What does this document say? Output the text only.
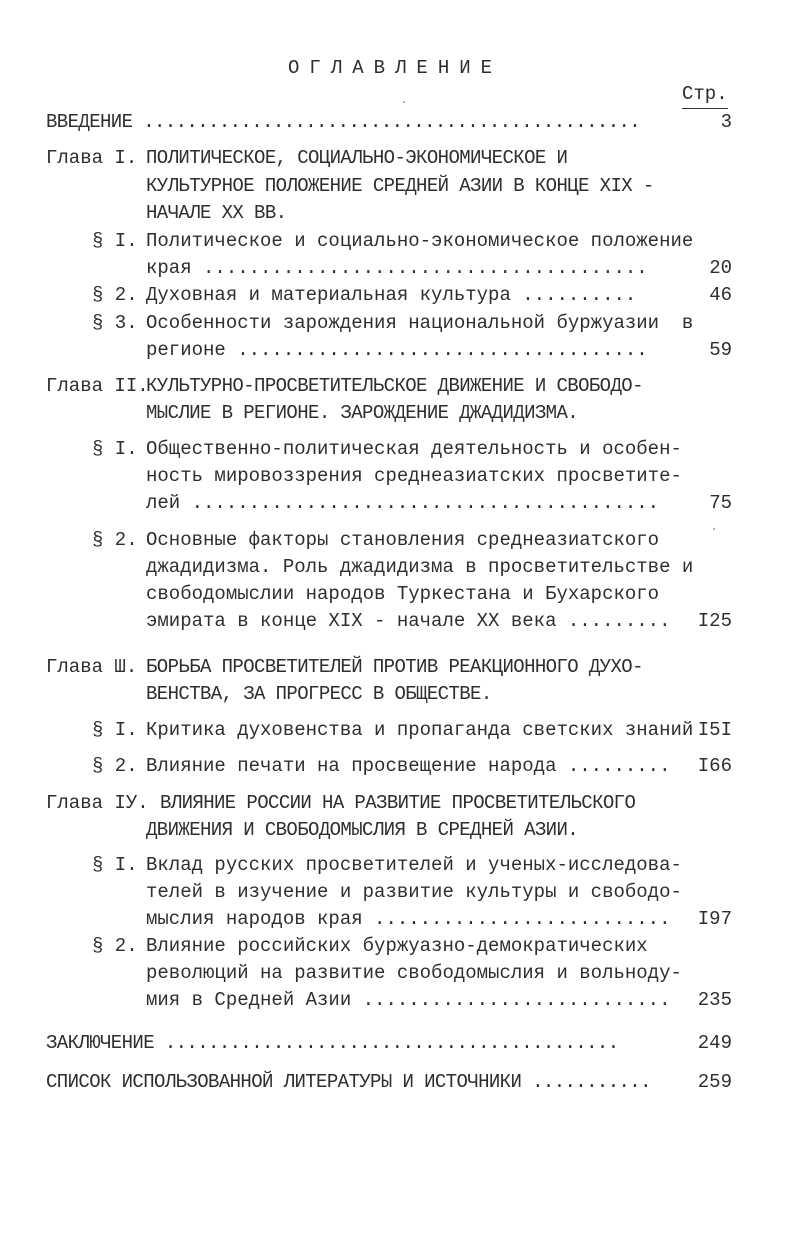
ОГЛАВЛЕНИЕ
Стр.
ВВЕДЕНИЕ ..............................................	3
Глава I. ПОЛИТИЧЕСКОЕ, СОЦИАЛЬНО-ЭКОНОМИЧЕСКОЕ И
КУЛЬТУРНОЕ ПОЛОЖЕНИЕ СРЕДНЕЙ АЗИИ В КОНЦЕ XIX -
НАЧАЛЕ XX ВВ.
§ I. Политическое и социально-экономическое положение
края .......................................	20
§ 2. Духовная и материальная культура ..........	46
§ 3. Особенности зарождения национальной буржуазии  в
регионе ....................................	59
Глава II.
КУЛЬТУРНО-ПРОСВЕТИТЕЛЬСКОЕ ДВИЖЕНИЕ И СВОБОДО-
МЫСЛИЕ В РЕГИОНЕ. ЗАРОЖДЕНИЕ ДЖАДИДИЗМА.
§ I. Общественно-политическая деятельность и особен-
ность мировоззрения среднеазиатских просветите-
лей .........................................	75
§ 2. Основные факторы становления среднеазиатского
джадидизма. Роль джадидизма в просветительстве и
свободомыслии народов Туркестана и Бухарского
эмирата в конце XIX - начале XX века .........	I25
Глава Ш. БОРЬБА ПРОСВЕТИТЕЛЕЙ ПРОТИВ РЕАКЦИОННОГО ДУХО-
ВЕНСТВА, ЗА ПРОГРЕСС В ОБЩЕСТВЕ.
§ I. Критика духовенства и пропаганда светских знаний I5I
§ 2. Влияние печати на просвещение народа .........	I66
Глава IУ. ВЛИЯНИЕ РОССИИ НА РАЗВИТИЕ ПРОСВЕТИТЕЛЬСКОГО
ДВИЖЕНИЯ И СВОБОДОМЫСЛИЯ В СРЕДНЕЙ АЗИИ.
§ I. Вклад русских просветителей и ученых-исследова-
телей в изучение и развитие культуры и свободо-
мыслия народов края ..........................	I97
§ 2. Влияние российских буржуазно-демократических
революций на развитие свободомыслия и вольноду-
мия в Средней Азии ...........................	235
ЗАКЛЮЧЕНИЕ ..........................................	249
СПИСОК ИСПОЛЬЗОВАННОЙ ЛИТЕРАТУРЫ И ИСТОЧНИКИ ...........	259
